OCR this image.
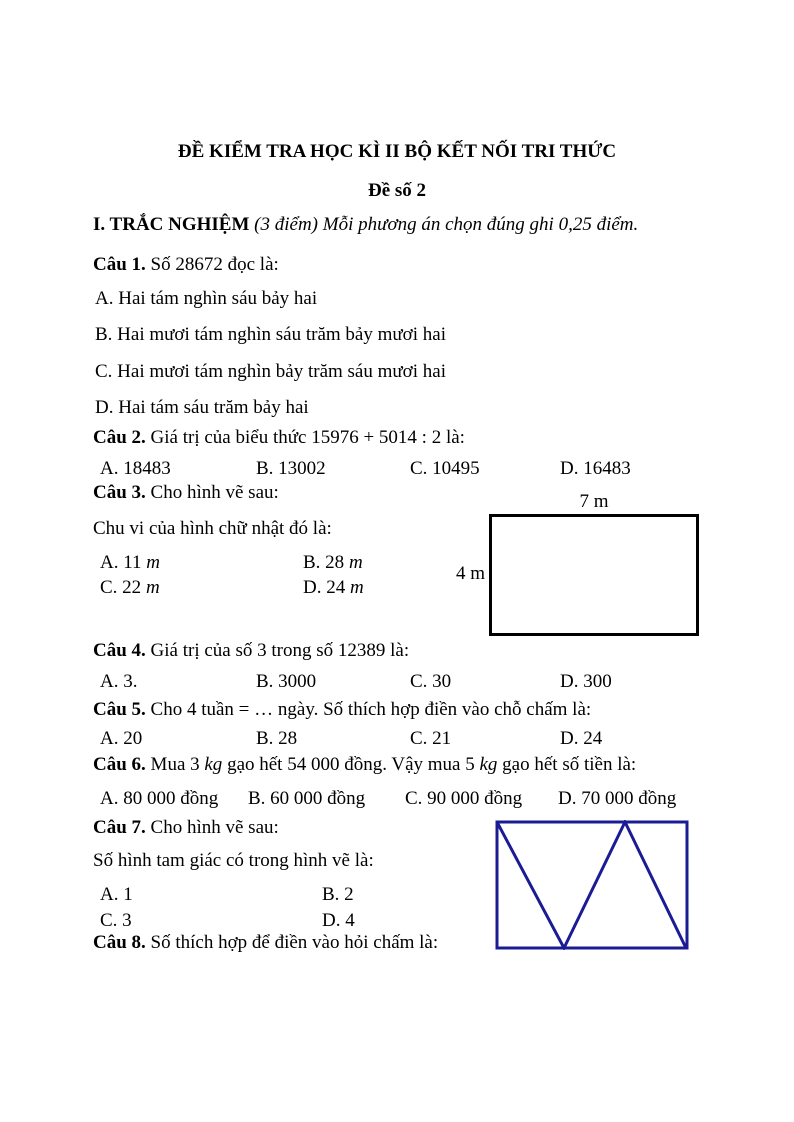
ĐỀ KIỂM TRA HỌC KÌ II BỘ KẾT NỐI TRI THỨC
Đề số 2
I. TRẮC NGHIỆM (3 điểm) Mỗi phương án chọn đúng ghi 0,25 điểm.
Câu 1. Số 28672 đọc là:
A. Hai tám nghìn sáu bảy hai
B. Hai mươi tám nghìn sáu trăm bảy mươi hai
C. Hai mươi tám nghìn bảy trăm sáu mươi hai
D. Hai tám sáu trăm bảy hai
Câu 2. Giá trị của biểu thức 15976 + 5014 : 2 là:
A. 18483	B. 13002	C. 10495	D. 16483
Câu 3. Cho hình vẽ sau:
Chu vi của hình chữ nhật đó là:
A. 11 m	B. 28 m
C. 22 m	D. 24 m
7 m
4 m
Câu 4. Giá trị của số 3 trong số 12389 là:
A. 3.	B. 3000	C. 30	D. 300
Câu 5. Cho 4 tuần = … ngày. Số thích hợp điền vào chỗ chấm là:
A. 20	B. 28	C. 21	D. 24
Câu 6. Mua 3 kg gạo hết 54 000 đồng. Vậy mua 5 kg gạo hết số tiền là:
A. 80 000 đồng B. 60 000 đồng C. 90 000 đồng D. 70 000 đồng
Câu 7. Cho hình vẽ sau:
Số hình tam giác có trong hình vẽ là:
A. 1	B. 2
C. 3	D. 4
Câu 8. Số thích hợp để điền vào hỏi chấm là:
